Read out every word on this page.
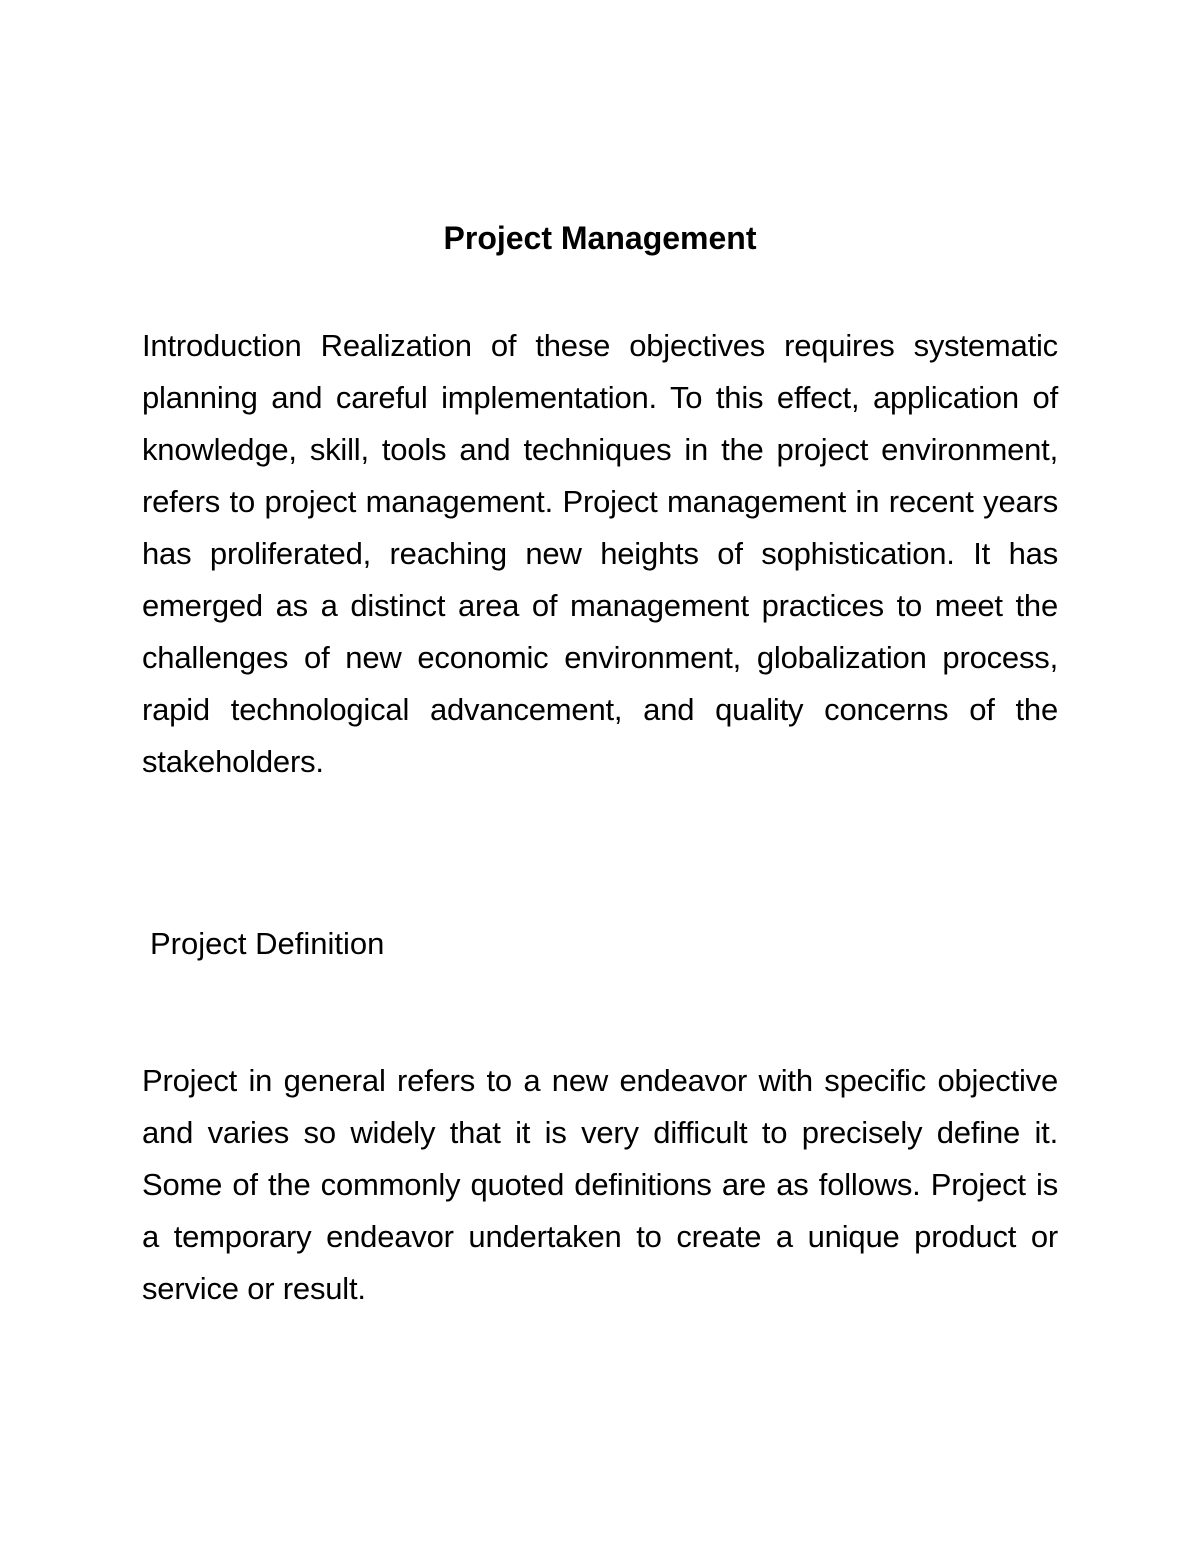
Project Management

Introduction Realization of these objectives requires systematic planning and careful implementation. To this effect, application of knowledge, skill, tools and techniques in the project environment, refers to project management. Project management in recent years has proliferated, reaching new heights of sophistication. It has emerged as a distinct area of management practices to meet the challenges of new economic environment, globalization process, rapid technological advancement, and quality concerns of the stakeholders.

Project Definition

Project in general refers to a new endeavor with specific objective and varies so widely that it is very difficult to precisely define it. Some of the commonly quoted definitions are as follows. Project is a temporary endeavor undertaken to create a unique product or service or result.
